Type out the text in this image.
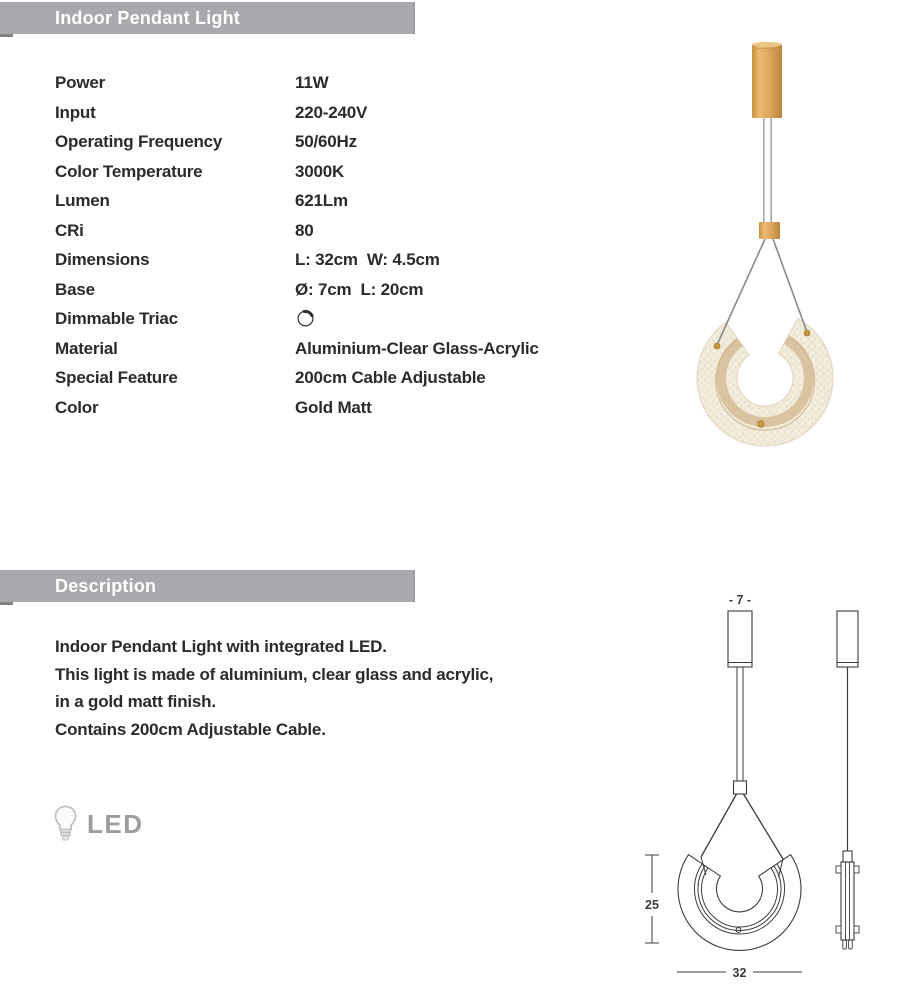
Indoor Pendant Light
Power	11W
Input	220-240V
Operating Frequency	50/60Hz
Color Temperature	3000K
Lumen	621Lm
CRi	80
Dimensions	L: 32cm  W: 4.5cm
Base	Ø: 7cm  L: 20cm
Dimmable Triac

Material	Aluminium-Clear Glass-Acrylic
Special Feature	200cm Cable Adjustable
Color	Gold Matt
Description
Indoor Pendant Light with integrated LED.
This light is made of aluminium, clear glass and acrylic,
in a gold matt finish.
Contains 200cm Adjustable Cable.
LED
- 7 -
25
32
